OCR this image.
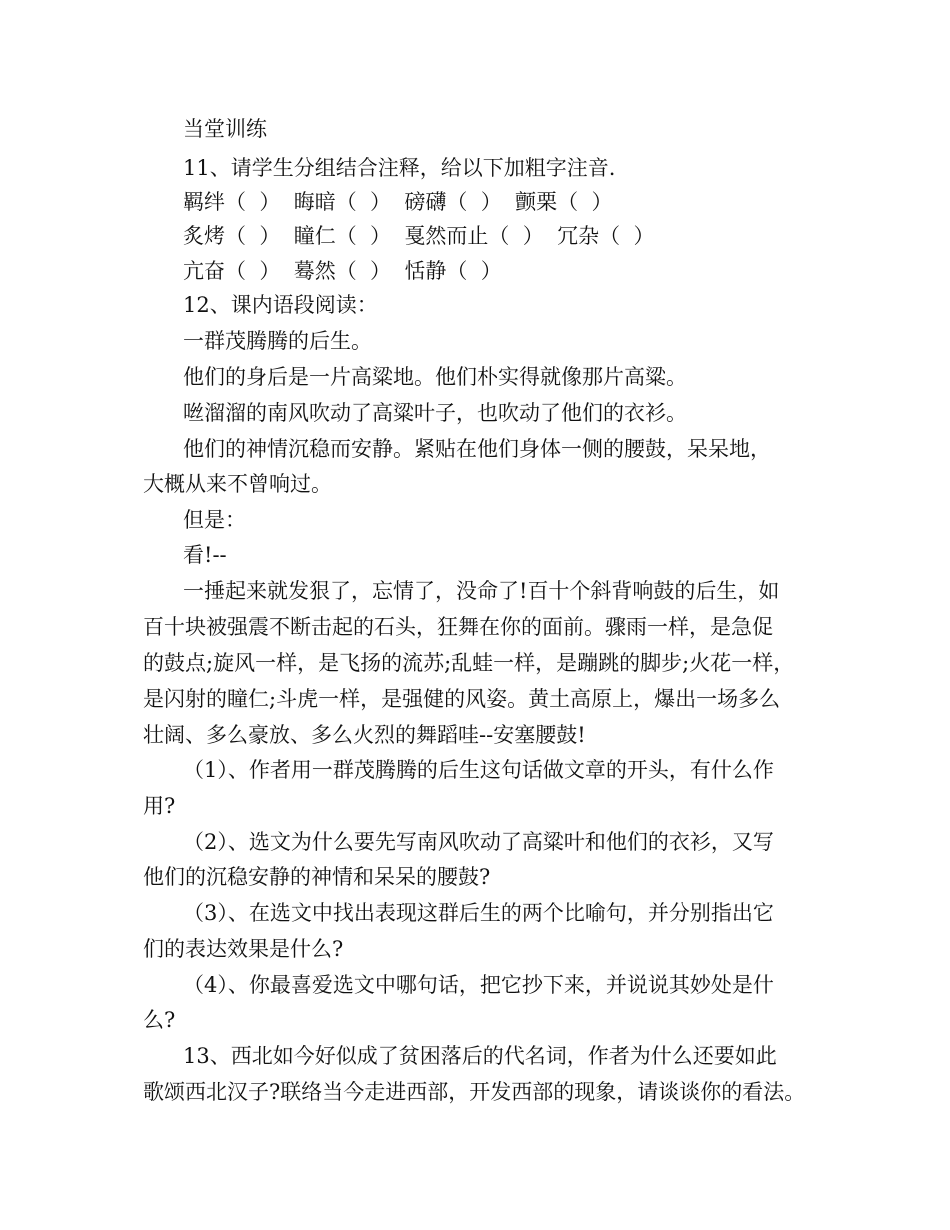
当堂训练
11、请学生分组结合注释，给以下加粗字注音.
羁绊（  ）  晦暗（  ）  磅礴（  ）  颤栗（  ）
炙烤（  ）  瞳仁（  ）  戛然而止（  ）  冗杂（  ）
亢奋（  ）  蓦然（  ）  恬静（  ）
12、课内语段阅读：
一群茂腾腾的后生。
他们的身后是一片高粱地。他们朴实得就像那片高粱。
咝溜溜的南风吹动了高粱叶子，也吹动了他们的衣衫。
他们的神情沉稳而安静。紧贴在他们身体一侧的腰鼓，呆呆地，
大概从来不曾响过。
但是：
看!--
一捶起来就发狠了，忘情了，没命了!百十个斜背响鼓的后生，如
百十块被强震不断击起的石头，狂舞在你的面前。骤雨一样，是急促
的鼓点;旋风一样，是飞扬的流苏;乱蛙一样，是蹦跳的脚步;火花一样，
是闪射的瞳仁;斗虎一样，是强健的风姿。黄土高原上，爆出一场多么
壮阔、多么豪放、多么火烈的舞蹈哇--安塞腰鼓!
（1）、作者用一群茂腾腾的后生这句话做文章的开头，有什么作
用?
（2）、选文为什么要先写南风吹动了高粱叶和他们的衣衫，又写
他们的沉稳安静的神情和呆呆的腰鼓?
（3）、在选文中找出表现这群后生的两个比喻句，并分别指出它
们的表达效果是什么?
（4）、你最喜爱选文中哪句话，把它抄下来，并说说其妙处是什
么?
13、西北如今好似成了贫困落后的代名词，作者为什么还要如此
歌颂西北汉子?联络当今走进西部，开发西部的现象，请谈谈你的看法。
